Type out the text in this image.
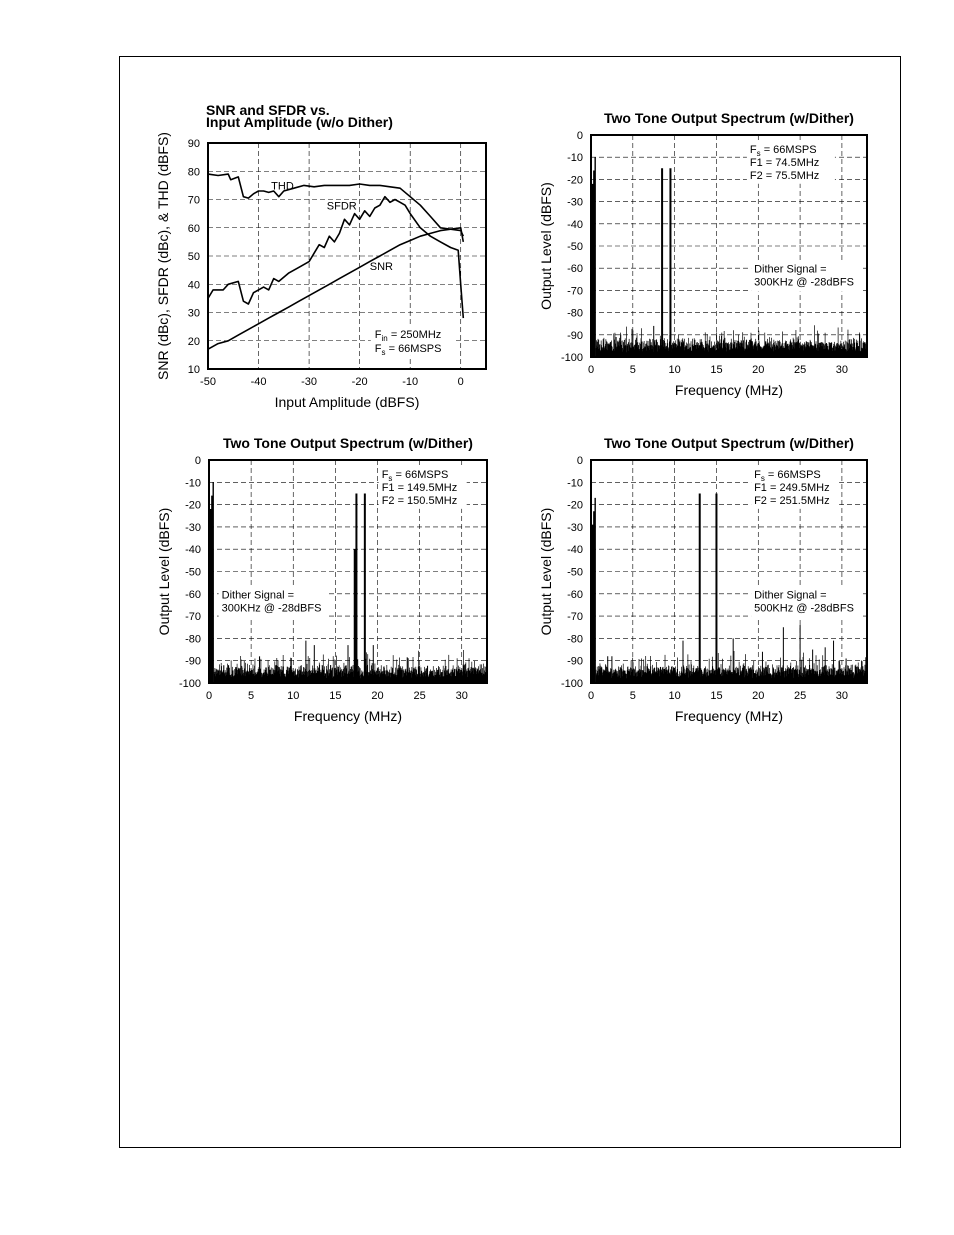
SNR and SFDR vs.
Input Amplitude (w/o Dither)
-50	-40	-30	-20	-10	0
10
20
30
40
50
60
70
80
90
Input Amplitude (dBFS)
SNR (dBc), SFDR (dBc), & THD (dBFS)	THD
SFDR
SNR
$F_{in} = 250MHz$
$F_s$ = 66MSPS
Two Tone Output Spectrum (w/Dither)
0	5	10	15	20	25	30
0
-10
-20
-30
-40
-50
-60
-70
-80
-90
-100
Frequency (MHz)
Output Level (dBFS)
$F_s$ = 66MSPS
F1 = 74.5MHz
F2 = 75.5MHz
Dither Signal =
300KHz @ -28dBFS
Two Tone Output Spectrum (w/Dither)
0	5	10	15	20	25	30
0
-10
-20
-30
-40
-50
-60
-70
-80
-90
-100
Frequency (MHz)
Output Level (dBFS)
$F_s$ = 66MSPS
F1 = 149.5MHz
F2 = 150.5MHz
Dither Signal =
300KHz @ -28dBFS
Two Tone Output Spectrum (w/Dither)
0	5	10	15	20	25	30
0
-10
-20
-30
-40
-50
-60
-70
-80
-90
-100
Frequency (MHz)
Output Level (dBFS)
$F_s$ = 66MSPS
F1 = 249.5MHz
F2 = 251.5MHz
Dither Signal =
500KHz @ -28dBFS
